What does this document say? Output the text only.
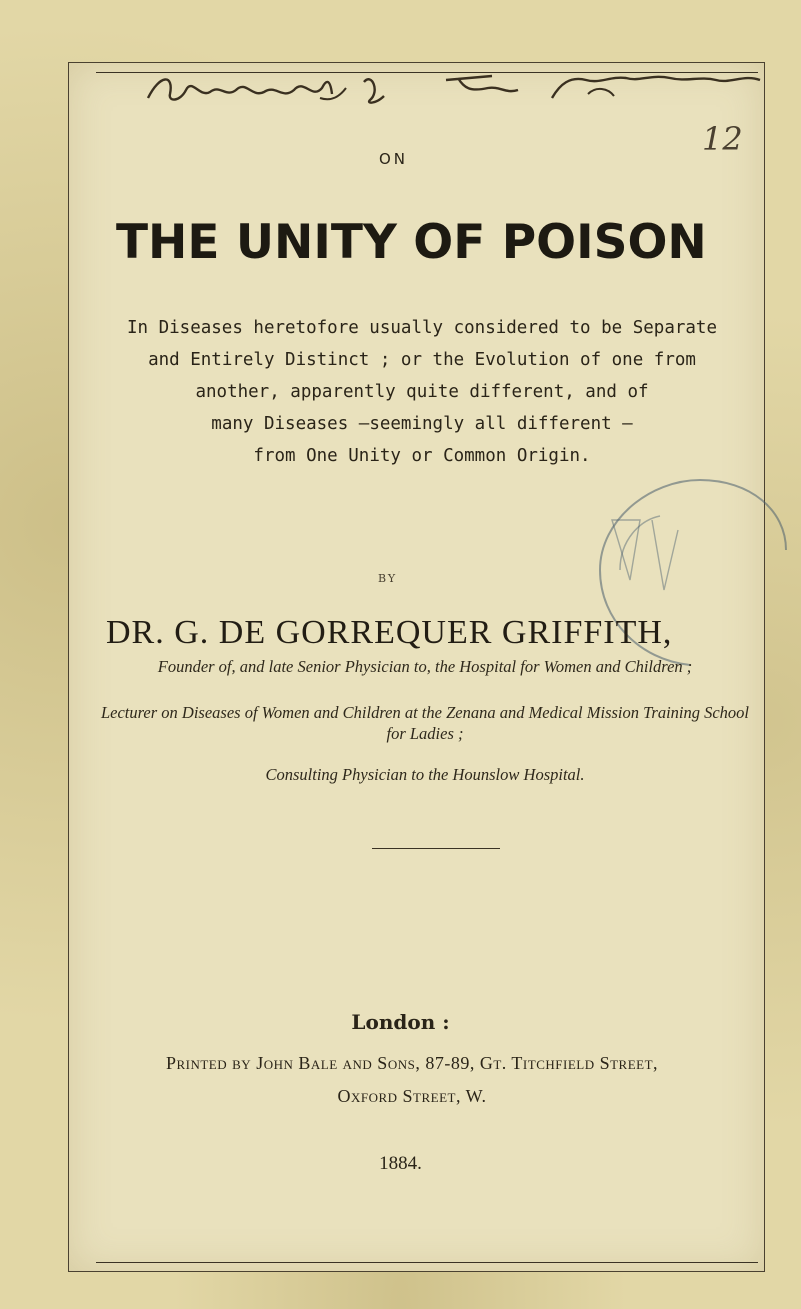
12
ON
THE UNITY OF POISON
In Diseases heretofore usually considered to be Separate
and Entirely Distinct ; or the Evolution of one from
another, apparently quite different, and of
many Diseases —seemingly all different —
from One Unity or Common Origin.
BY
DR. G. DE GORREQUER GRIFFITH,
Founder of, and late Senior Physician to, the Hospital for Women and Children ;
Lecturer on Diseases of Women and Children at the Zenana and Medical Mission Training School for Ladies ;
Consulting Physician to the Hounslow Hospital.
London :
Printed by John Bale and Sons, 87-89, Gt. Titchfield Street,
Oxford Street, W.
1884.
